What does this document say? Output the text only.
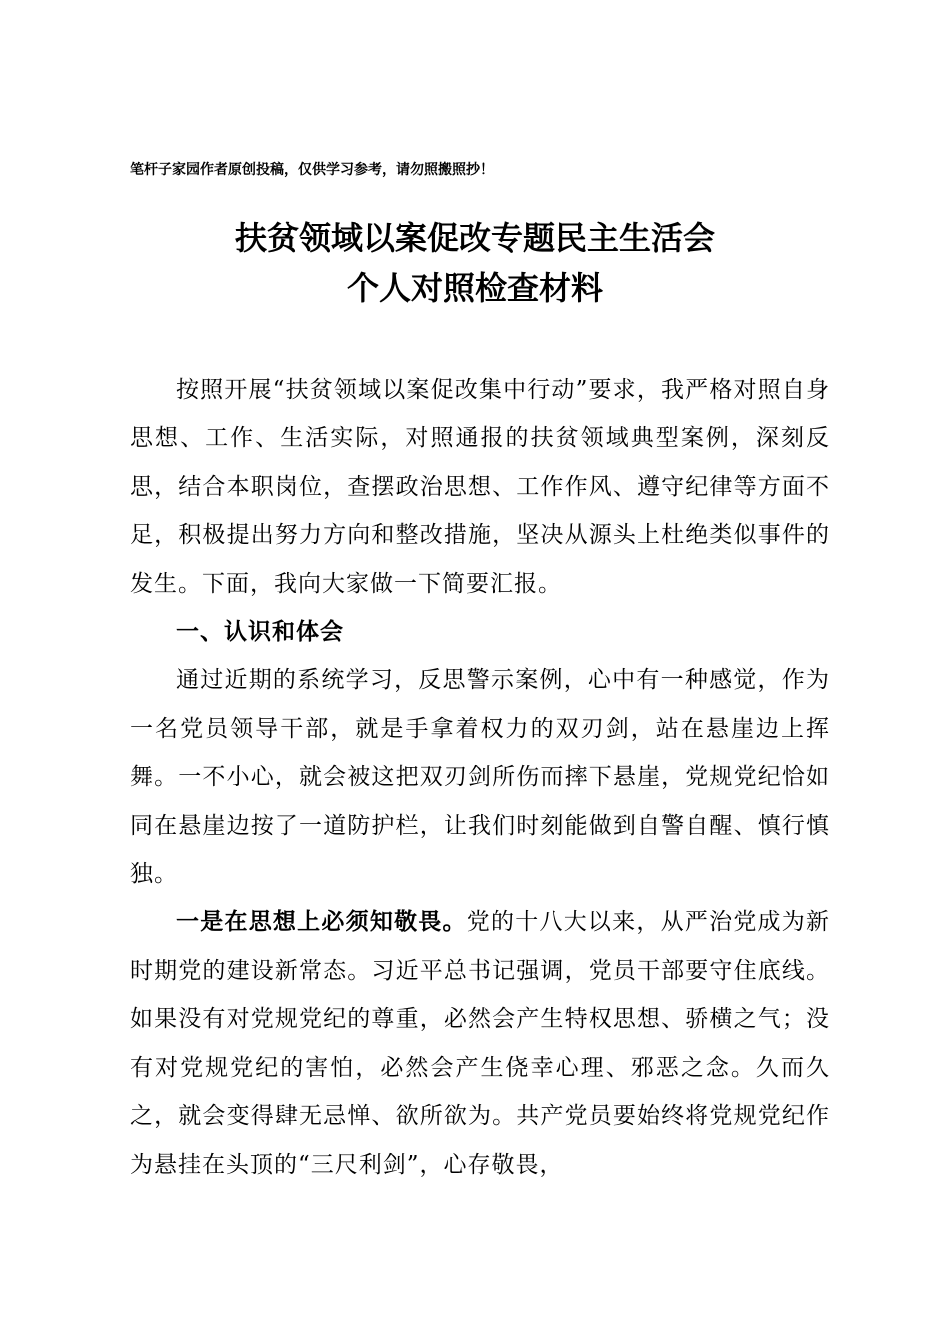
笔杆子家园作者原创投稿，仅供学习参考，请勿照搬照抄！
扶贫领域以案促改专题民主生活会
个人对照检查材料

按照开展“扶贫领域以案促改集中行动”要求，我严格对照自身思想、工作、生活实际，对照通报的扶贫领域典型案例，深刻反思，结合本职岗位，查摆政治思想、工作作风、遵守纪律等方面不足，积极提出努力方向和整改措施，坚决从源头上杜绝类似事件的发生。下面，我向大家做一下简要汇报。

一、认识和体会

通过近期的系统学习，反思警示案例，心中有一种感觉，作为一名党员领导干部，就是手拿着权力的双刃剑，站在悬崖边上挥舞。一不小心，就会被这把双刃剑所伤而摔下悬崖，党规党纪恰如同在悬崖边按了一道防护栏，让我们时刻能做到自警自醒、慎行慎独。

一是在思想上必须知敬畏。党的十八大以来，从严治党成为新时期党的建设新常态。习近平总书记强调，党员干部要守住底线。如果没有对党规党纪的尊重，必然会产生特权思想、骄横之气；没有对党规党纪的害怕，必然会产生侥幸心理、邪恶之念。久而久之，就会变得肆无忌惮、欲所欲为。共产党员要始终将党规党纪作为悬挂在头顶的“三尺利剑”，心存敬畏，
